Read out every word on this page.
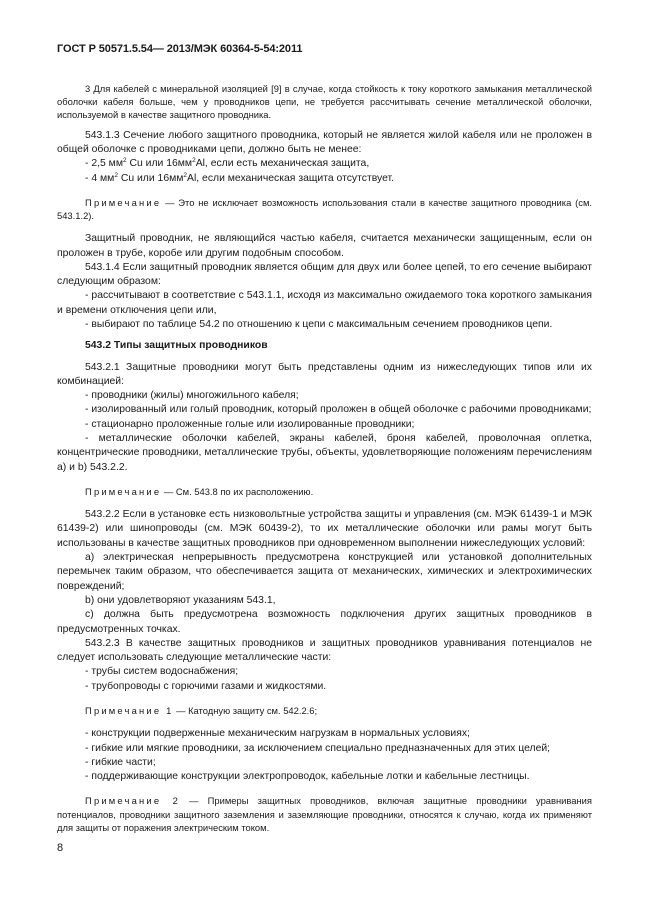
ГОСТ Р 50571.5.54— 2013/МЭК 60364-5-54:2011

3 Для кабелей с минеральной изоляцией [9] в случае, когда стойкость к току короткого замыкания металлической оболочки кабеля больше, чем у проводников цепи, не требуется рассчитывать сечение металлической оболочки, используемой в качестве защитного проводника.

543.1.3 Сечение любого защитного проводника, который не является жилой кабеля или не проложен в общей оболочке с проводниками цепи, должно быть не менее:

- 2,5 $мм^2$ Cu или $16мм^2Al$, если есть механическая защита,

- 4 $мм^2$ Cu или $16мм^2Al$, если механическая защита отсутствует.

Примечание — Это не исключает возможность использования стали в качестве защитного проводника (см. 543.1.2).

Защитный проводник, не являющийся частью кабеля, считается механически защищенным, если он проложен в трубе, коробе или другим подобным способом.

543.1.4 Если защитный проводник является общим для двух или более цепей, то его сечение выбирают следующим образом:

- рассчитывают в соответствие с 543.1.1, исходя из максимально ожидаемого тока короткого замыкания и времени отключения цепи или,

- выбирают по таблице 54.2 по отношению к цепи с максимальным сечением проводников цепи.

543.2 Типы защитных проводников

543.2.1 Защитные проводники могут быть представлены одним из нижеследующих типов или их комбинацией:

- проводники (жилы) многожильного кабеля;

- изолированный или голый проводник, который проложен в общей оболочке с рабочими проводниками;

- стационарно проложенные голые или изолированные проводники;

- металлические оболочки кабелей, экраны кабелей, броня кабелей, проволочная оплетка, концентрические проводники, металлические трубы, объекты, удовлетворяющие положениям перечислениям а) и b) 543.2.2.

Примечание — См. 543.8 по их расположению.

543.2.2 Если в установке есть низковольтные устройства защиты и управления (см. МЭК 61439-1 и МЭК 61439-2) или шинопроводы (см. МЭК 60439-2), то их металлические оболочки или рамы могут быть использованы в качестве защитных проводников при одновременном выполнении нижеследующих условий:

а) электрическая непрерывность предусмотрена конструкцией или установкой дополнительных перемычек таким образом, что обеспечивается защита от механических, химических и электрохимических повреждений;

b) они удовлетворяют указаниям 543.1,

с) должна быть предусмотрена возможность подключения других защитных проводников в предусмотренных точках.

543.2.3 В качестве защитных проводников и защитных проводников уравнивания потенциалов не следует использовать следующие металлические части:

- трубы систем водоснабжения;

- трубопроводы с горючими газами и жидкостями.

Примечание 1 — Катодную защиту см. 542.2.6;

- конструкции подверженные механическим нагрузкам в нормальных условиях;

- гибкие или мягкие проводники, за исключением специально предназначенных для этих целей;

- гибкие части;

- поддерживающие конструкции электропроводок, кабельные лотки и кабельные лестницы.

Примечание 2 — Примеры защитных проводников, включая защитные проводники уравнивания потенциалов, проводники защитного заземления и заземляющие проводники, относятся к случаю, когда их применяют для защиты от поражения электрическим током.

8
